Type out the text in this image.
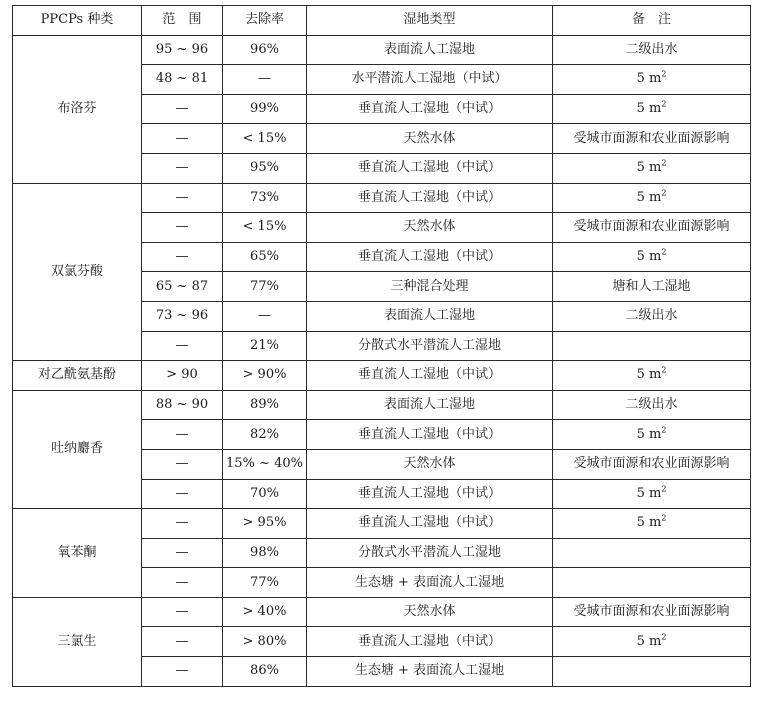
PPCPs 种类	范　围	去除率	湿地类型	备　注
布洛芬	95 ~ 96	96%	表面流人工湿地	二级出水
	48 ~ 81	—	水平潜流人工湿地（中试）	5 $m^2$
	—	99%	垂直流人工湿地（中试）	5 $m^2$
	—	< 15%	天然水体	受城市面源和农业面源影响
	—	95%	垂直流人工湿地（中试）	5 $m^2$
双氯芬酸	—	73%	垂直流人工湿地（中试）	5 $m^2$
	—	< 15%	天然水体	受城市面源和农业面源影响
	—	65%	垂直流人工湿地（中试）	5 $m^2$
	65 ~ 87	77%	三种混合处理	塘和人工湿地
	73 ~ 96	—	表面流人工湿地	二级出水
	—	21%	分散式水平潜流人工湿地	
对乙酰氨基酚	> 90	> 90%	垂直流人工湿地（中试）	5 $m^2$
吐纳麝香	88 ~ 90	89%	表面流人工湿地	二级出水
	—	82%	垂直流人工湿地（中试）	5 $m^2$
	—	15% ~ 40%	天然水体	受城市面源和农业面源影响
	—	70%	垂直流人工湿地（中试）	5 $m^2$
氧苯酮	—	> 95%	垂直流人工湿地（中试）	5 $m^2$
	—	98%	分散式水平潜流人工湿地	
	—	77%	生态塘 + 表面流人工湿地	
三氯生	—	> 40%	天然水体	受城市面源和农业面源影响
	—	> 80%	垂直流人工湿地（中试）	5 $m^2$
	—	86%	生态塘 + 表面流人工湿地	
